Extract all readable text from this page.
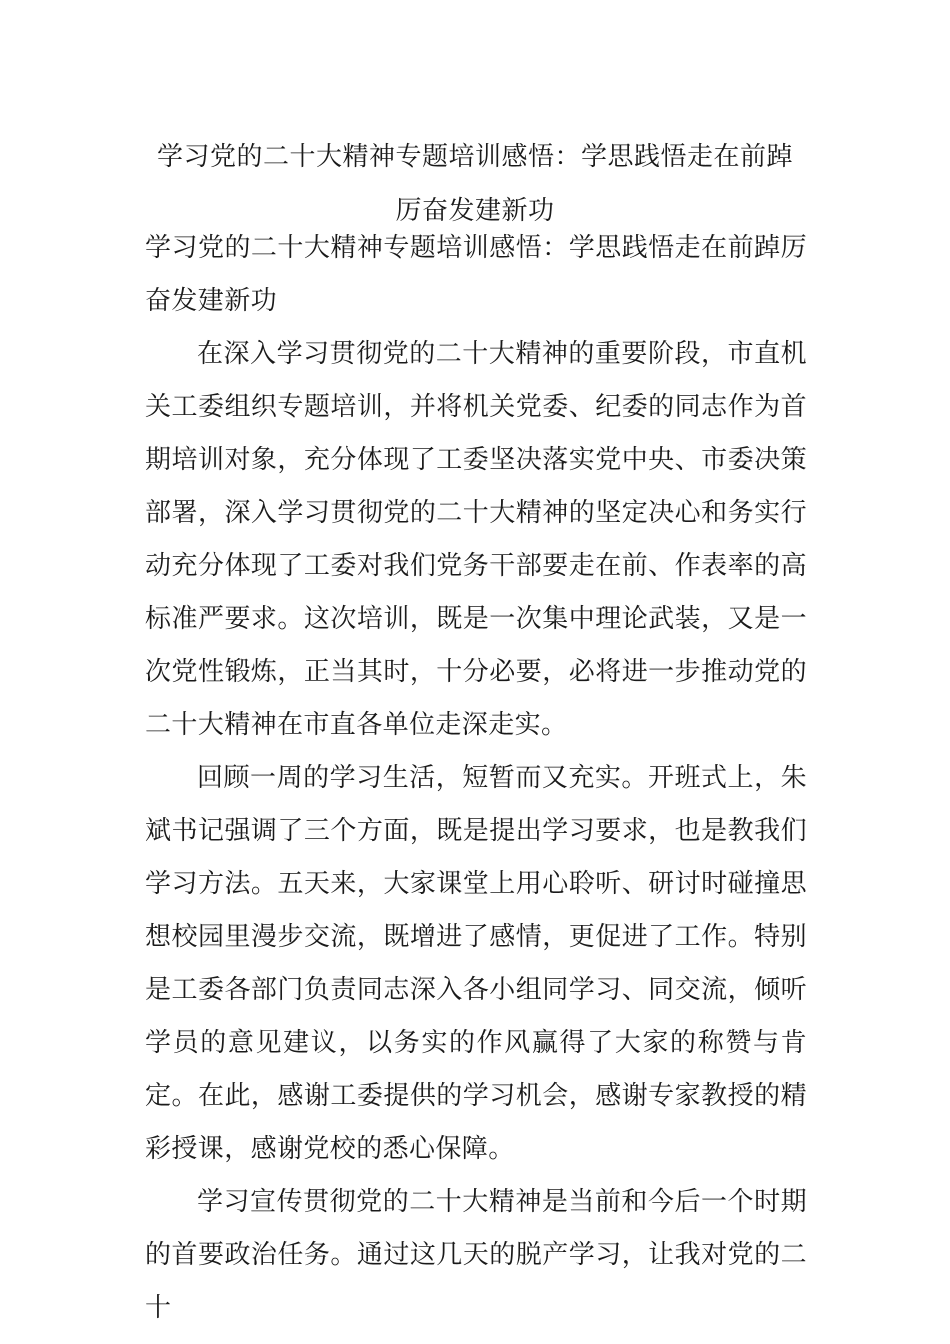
学习党的二十大精神专题培训感悟：学思践悟走在前踔厉奋发建新功

学习党的二十大精神专题培训感悟：学思践悟走在前踔厉奋发建新功

在深入学习贯彻党的二十大精神的重要阶段，市直机关工委组织专题培训，并将机关党委、纪委的同志作为首期培训对象，充分体现了工委坚决落实党中央、市委决策部署，深入学习贯彻党的二十大精神的坚定决心和务实行动充分体现了工委对我们党务干部要走在前、作表率的高标准严要求。这次培训，既是一次集中理论武装，又是一次党性锻炼，正当其时，十分必要，必将进一步推动党的二十大精神在市直各单位走深走实。

回顾一周的学习生活，短暂而又充实。开班式上，朱斌书记强调了三个方面，既是提出学习要求，也是教我们学习方法。五天来，大家课堂上用心聆听、研讨时碰撞思想校园里漫步交流，既增进了感情，更促进了工作。特别是工委各部门负责同志深入各小组同学习、同交流，倾听学员的意见建议，以务实的作风赢得了大家的称赞与肯定。在此，感谢工委提供的学习机会，感谢专家教授的精彩授课，感谢党校的悉心保障。

学习宣传贯彻党的二十大精神是当前和今后一个时期的首要政治任务。通过这几天的脱产学习，让我对党的二十
